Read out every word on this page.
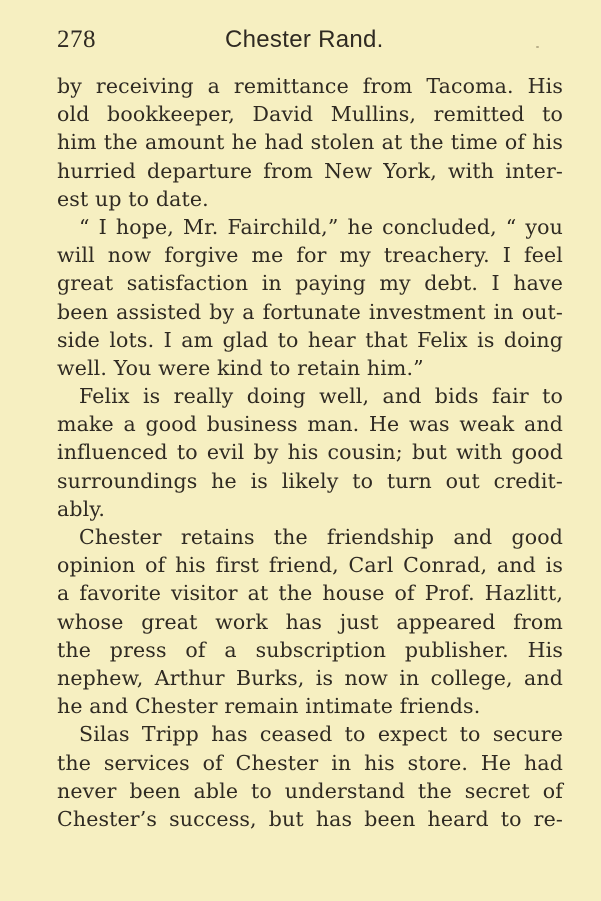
278	Chester Rand.
by receiving a remittance from Tacoma. His
old bookkeeper, David Mullins, remitted to
him the amount he had stolen at the time of his
hurried departure from New York, with inter-
est up to date.
“ I hope, Mr. Fairchild,” he concluded, “ you
will now forgive me for my treachery. I feel
great satisfaction in paying my debt. I have
been assisted by a fortunate investment in out-
side lots. I am glad to hear that Felix is doing
well. You were kind to retain him.”
Felix is really doing well, and bids fair to
make a good business man. He was weak and
influenced to evil by his cousin; but with good
surroundings he is likely to turn out credit-
ably.
Chester retains the friendship and good
opinion of his first friend, Carl Conrad, and is
a favorite visitor at the house of Prof. Hazlitt,
whose great work has just appeared from
the press of a subscription publisher. His
nephew, Arthur Burks, is now in college, and
he and Chester remain intimate friends.
Silas Tripp has ceased to expect to secure
the services of Chester in his store. He had
never been able to understand the secret of
Chester’s success, but has been heard to re-
